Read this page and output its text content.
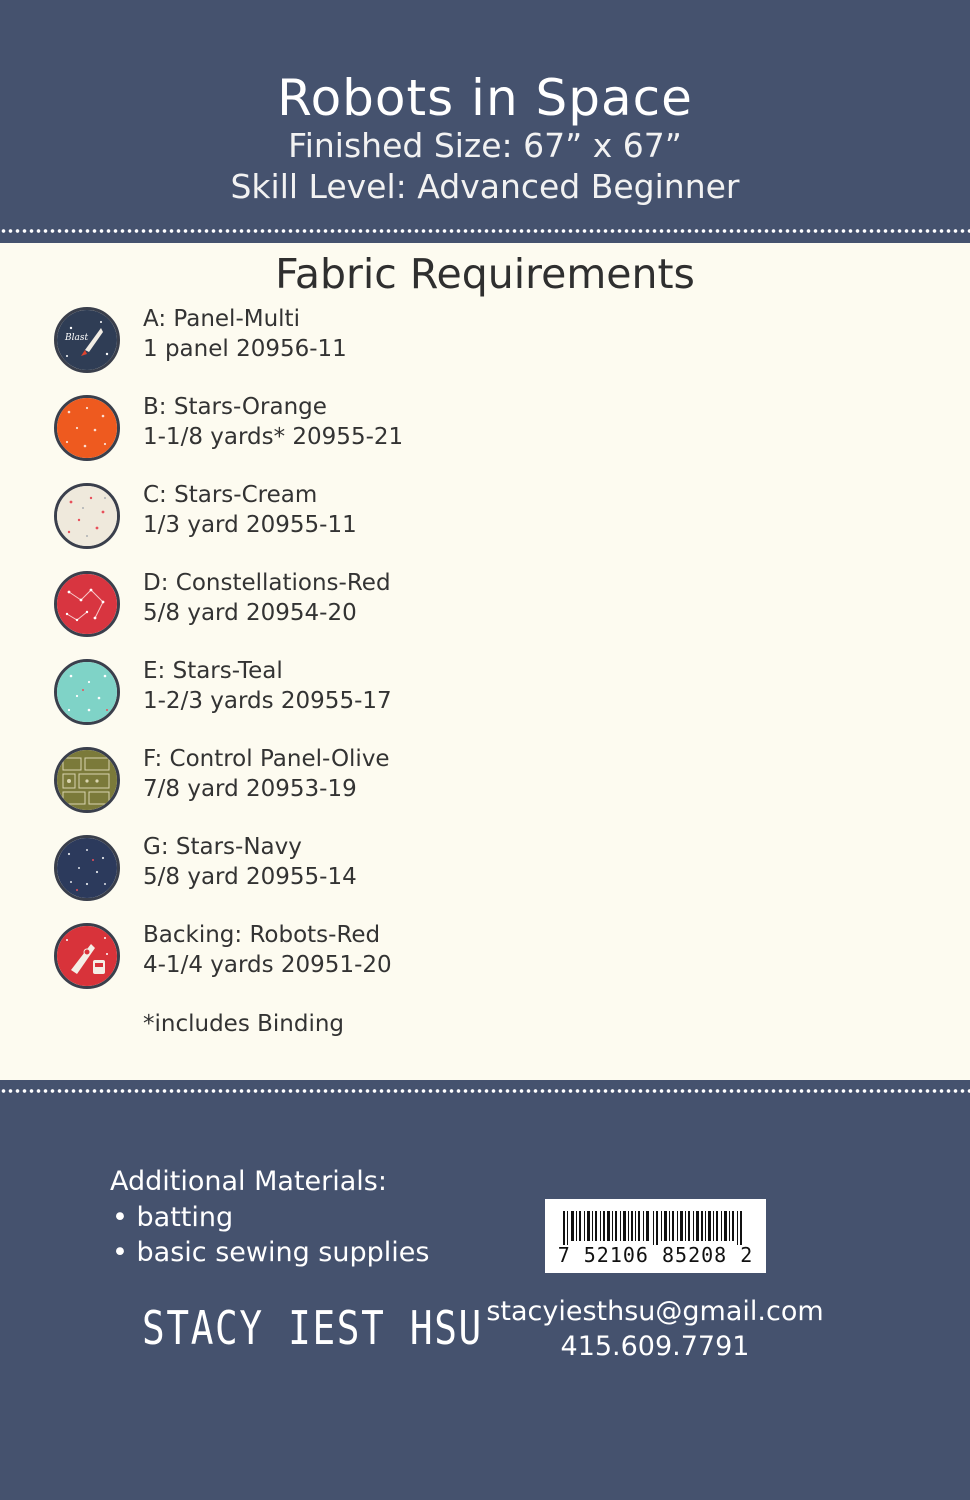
Robots in Space
Finished Size: 67” x 67”
Skill Level: Advanced Beginner
Fabric Requirements
Blast
A: Panel-Multi
1 panel 20956-11
B: Stars-Orange
1-1/8 yards* 20955-21
C: Stars-Cream
1/3 yard 20955-11
D: Constellations-Red
5/8 yard 20954-20
E: Stars-Teal
1-2/3 yards 20955-17
F: Control Panel-Olive
7/8 yard 20953-19
G: Stars-Navy
5/8 yard 20955-14
Backing: Robots-Red
4-1/4 yards 20951-20
*includes Binding
Additional Materials:
• batting
• basic sewing supplies
STACY IEST HSU
7 52106 85208 2
stacyiesthsu@gmail.com
415.609.7791
